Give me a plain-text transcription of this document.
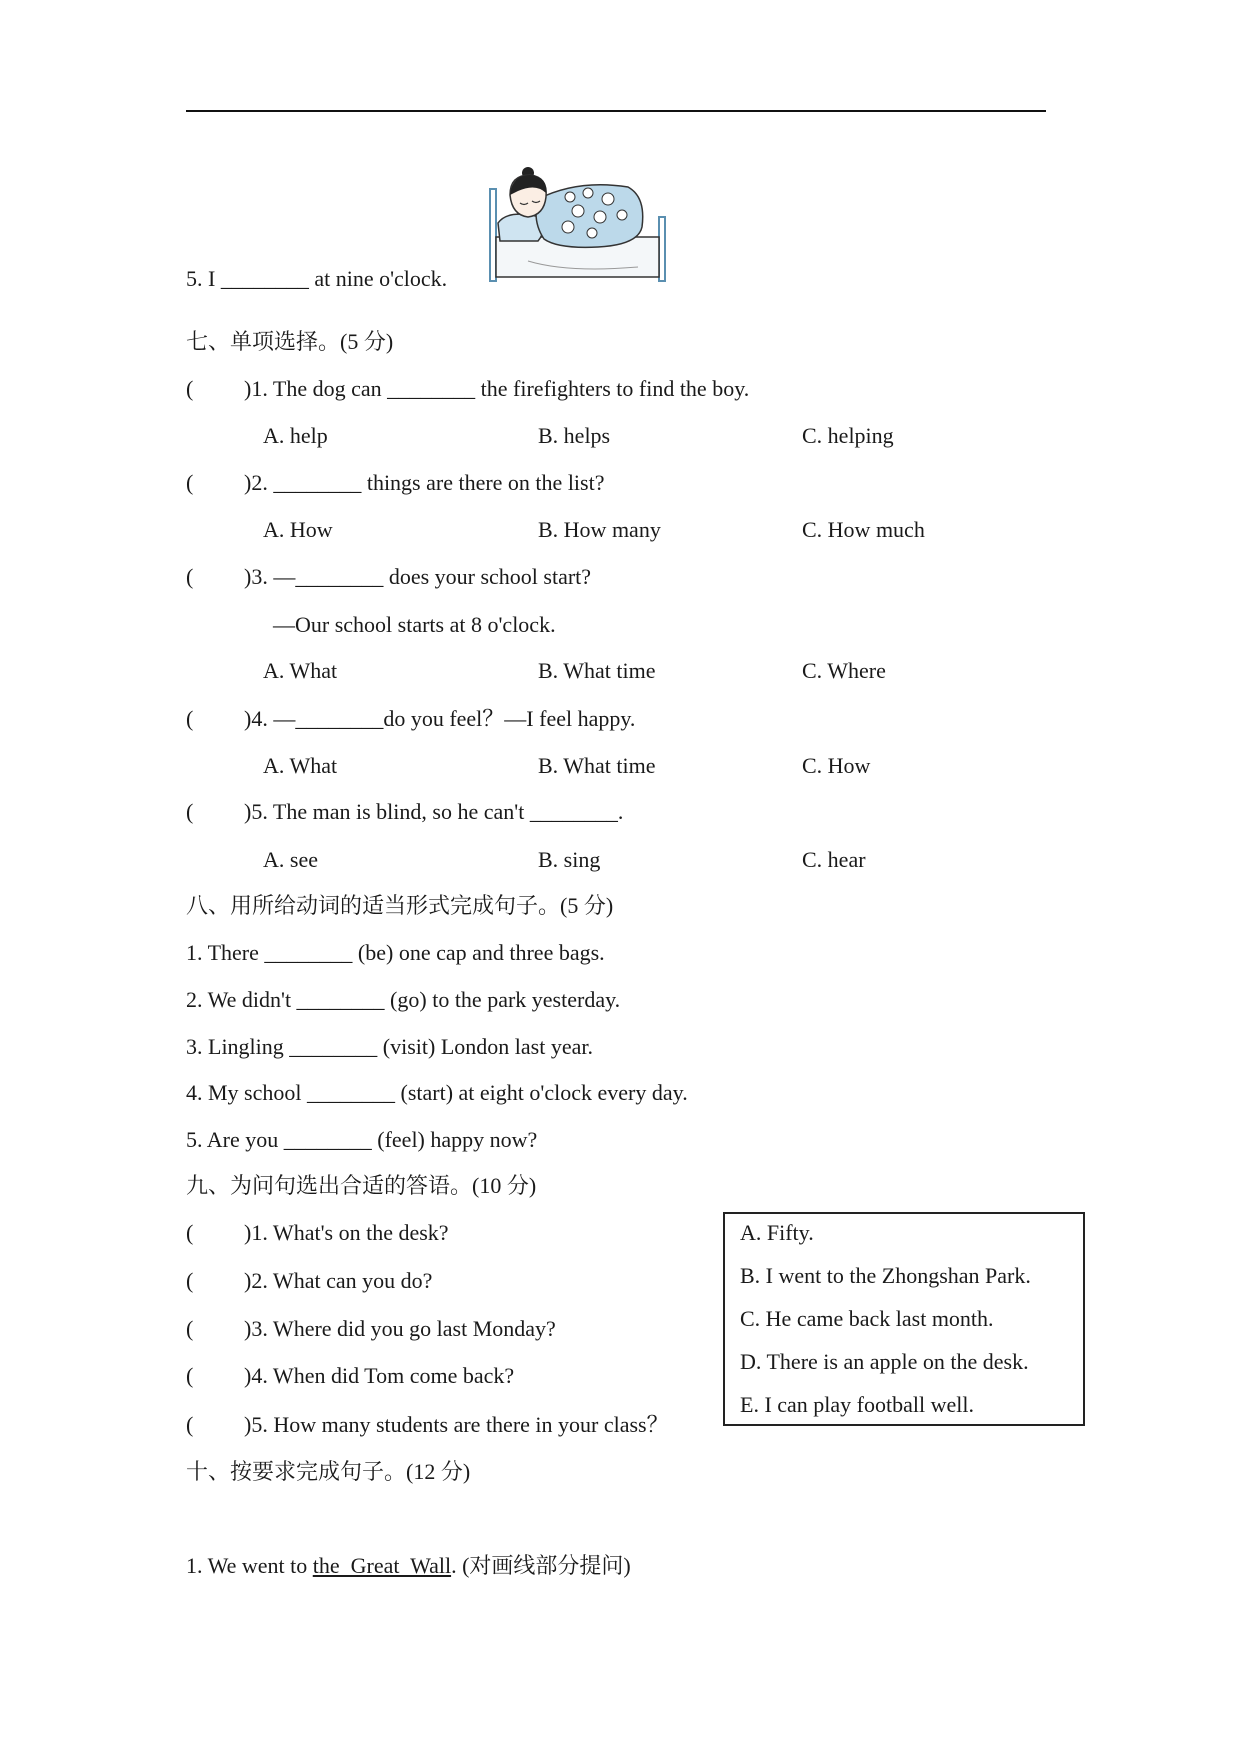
5. I ________ at nine o'clock.
七、单项选择。(5 分)
( )1. The dog can ________ the firefighters to find the boy.
A. help	B. helps	C. helping
( )2. ________ things are there on the list?
A. How	B. How many	C. How much
( )3. —________ does your school start?
—Our school starts at 8 o'clock.
A. What	B. What time	C. Where
( )4. —________do you feel？—I feel happy.
A. What	B. What time	C. How
( )5. The man is blind, so he can't ________.
A. see	B. sing	C. hear
八、用所给动词的适当形式完成句子。(5 分)
1. There ________ (be) one cap and three bags.
2. We didn't ________ (go) to the park yesterday.
3. Lingling ________ (visit) London last year.
4. My school ________ (start) at eight o'clock every day.
5. Are you ________ (feel) happy now?
九、为问句选出合适的答语。(10 分)
( )1. What's on the desk?
( )2. What can you do?
( )3. Where did you go last Monday?
( )4. When did Tom come back?
( )5. How many students are there in your class？
A. Fifty.
B. I went to the Zhongshan Park.
C. He came back last month.
D. There is an apple on the desk.
E. I can play football well.
十、按要求完成句子。(12 分)
1. We went to the  Great  Wall. (对画线部分提问)
